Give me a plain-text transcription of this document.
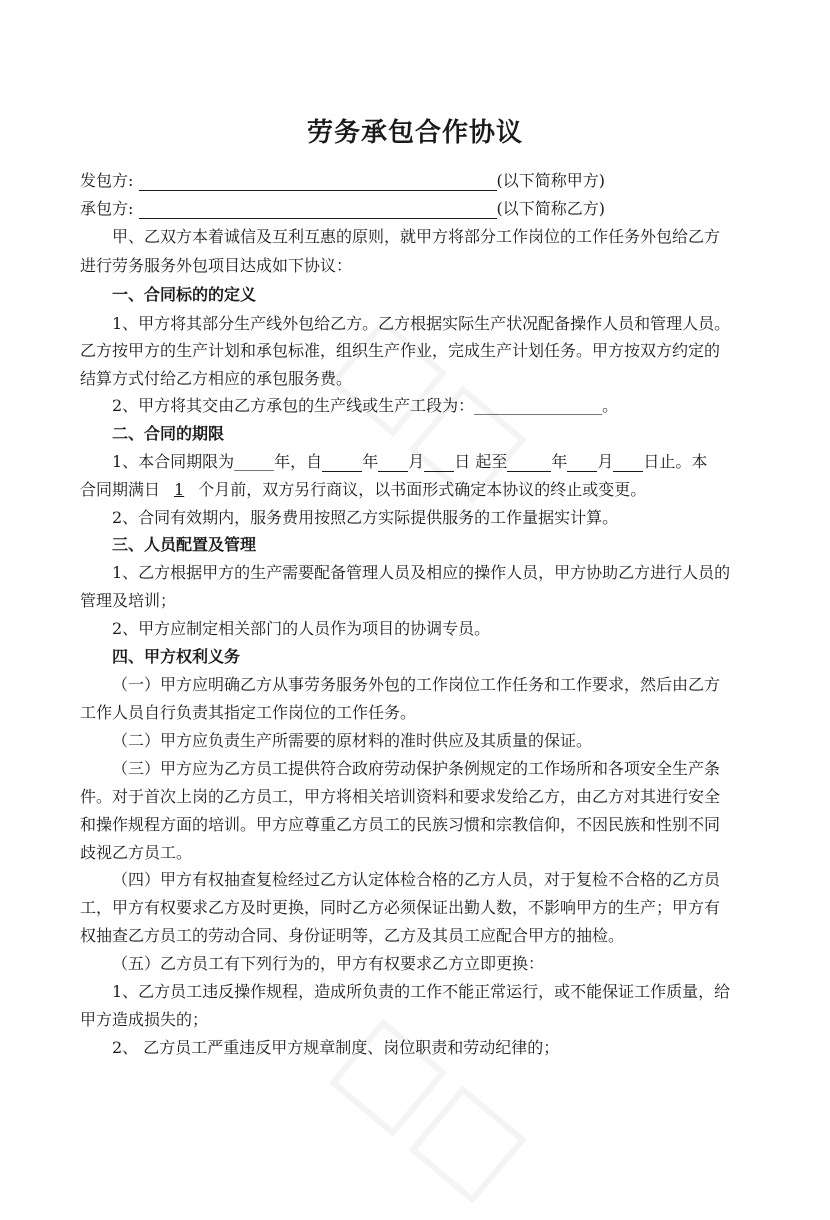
劳务承包合作协议
发包方:	(以下简称甲方)
承包方:	(以下简称乙方)
甲、乙双方本着诚信及互利互惠的原则，就甲方将部分工作岗位的工作任务外包给乙方
进行劳务服务外包项目达成如下协议：
一、合同标的的定义
1、甲方将其部分生产线外包给乙方。乙方根据实际生产状况配备操作人员和管理人员。
乙方按甲方的生产计划和承包标准，组织生产作业，完成生产计划任务。甲方按双方约定的
结算方式付给乙方相应的承包服务费。
2、甲方将其交由乙方承包的生产线或生产工段为：________________。
二、合同的期限
1、本合同期限为_____年，自	年 月 日 起至	年 月 日止。本
合同期满日 1 个月前，双方另行商议，以书面形式确定本协议的终止或变更。
2、合同有效期内，服务费用按照乙方实际提供服务的工作量据实计算。
三、人员配置及管理
1、乙方根据甲方的生产需要配备管理人员及相应的操作人员，甲方协助乙方进行人员的
管理及培训；
2、甲方应制定相关部门的人员作为项目的协调专员。
四、甲方权利义务
（一）甲方应明确乙方从事劳务服务外包的工作岗位工作任务和工作要求，然后由乙方
工作人员自行负责其指定工作岗位的工作任务。
（二）甲方应负责生产所需要的原材料的准时供应及其质量的保证。
（三）甲方应为乙方员工提供符合政府劳动保护条例规定的工作场所和各项安全生产条
件。对于首次上岗的乙方员工，甲方将相关培训资料和要求发给乙方，由乙方对其进行安全
和操作规程方面的培训。甲方应尊重乙方员工的民族习惯和宗教信仰，不因民族和性别不同
歧视乙方员工。
（四）甲方有权抽查复检经过乙方认定体检合格的乙方人员，对于复检不合格的乙方员
工，甲方有权要求乙方及时更换，同时乙方必须保证出勤人数，不影响甲方的生产；甲方有
权抽查乙方员工的劳动合同、身份证明等，乙方及其员工应配合甲方的抽检。
（五）乙方员工有下列行为的，甲方有权要求乙方立即更换：
1、乙方员工违反操作规程，造成所负责的工作不能正常运行，或不能保证工作质量，给
甲方造成损失的；
2、 乙方员工严重违反甲方规章制度、岗位职责和劳动纪律的；
